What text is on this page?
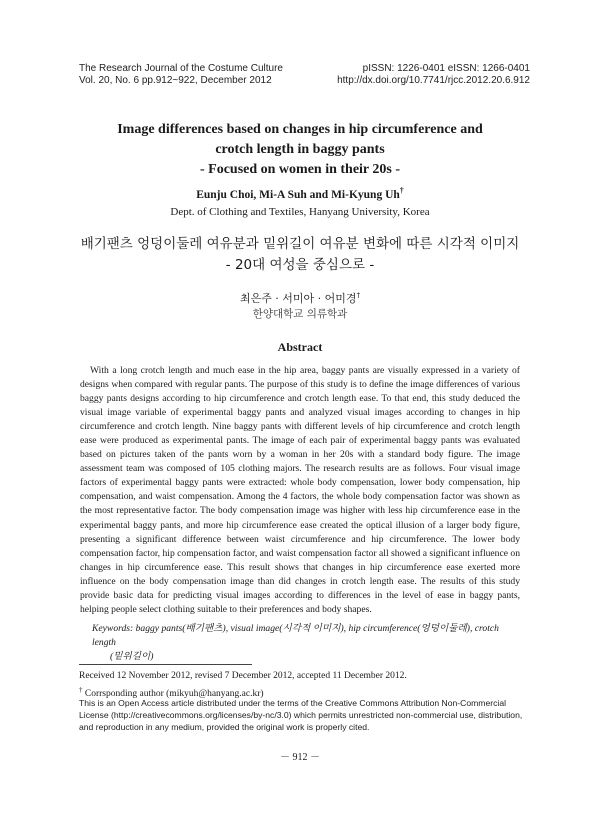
The Research Journal of the Costume Culture
Vol. 20, No. 6 pp.912~922, December 2012
pISSN: 1226-0401 eISSN: 1266-0401
http://dx.doi.org/10.7741/rjcc.2012.20.6.912
Image differences based on changes in hip circumference and
crotch length in baggy pants
- Focused on women in their 20s -
Eunju Choi, Mi-A Suh and Mi-Kyung Uh†
Dept. of Clothing and Textiles, Hanyang University, Korea
배기팬츠 엉덩이둘레 여유분과 밑위길이 여유분 변화에 따른 시각적 이미지
- 20대 여성을 중심으로 -
최은주 · 서미아 · 어미경†
한양대학교 의류학과
Abstract

With a long crotch length and much ease in the hip area, baggy pants are visually expressed in a variety of designs when compared with regular pants. The purpose of this study is to define the image differences of various baggy pants designs according to hip circumference and crotch length ease. To that end, this study deduced the visual image variable of experimental baggy pants and analyzed visual images according to changes in hip circumference and crotch length. Nine baggy pants with different levels of hip circumference and crotch length ease were produced as experimental pants. The image of each pair of experimental baggy pants was evaluated based on pictures taken of the pants worn by a woman in her 20s with a standard body figure. The image assessment team was composed of 105 clothing majors. The research results are as follows. Four visual image factors of experimental baggy pants were extracted: whole body compensation, lower body compensation, hip compensation, and waist compensation. Among the 4 factors, the whole body compensation factor was shown as the most representative factor. The body compensation image was higher with less hip circumference ease in the experimental baggy pants, and more hip circumference ease created the optical illusion of a larger body figure, presenting a significant difference between waist circumference and hip circumference. The lower body compensation factor, hip compensation factor, and waist compensation factor all showed a significant influence on changes in hip circumference ease. This result shows that changes in hip circumference ease exerted more influence on the body compensation image than did changes in crotch length ease. The results of this study provide basic data for predicting visual images according to differences in the level of ease in baggy pants, helping people select clothing suitable to their preferences and body shapes.

Keywords: baggy pants(배기팬츠), visual image(시각적 이미지), hip circumference(엉덩이둘레), crotch length
(밑위길이)
Received 12 November 2012, revised 7 December 2012, accepted 11 December 2012.
† Corrsponding author (mikyuh@hanyang.ac.kr)

This is an Open Access article distributed under the terms of the Creative Commons Attribution Non-Commercial License (http://creativecommons.org/licenses/by-nc/3.0) which permits unrestricted non-commercial use, distribution, and reproduction in any medium, provided the original work is properly cited.

－ 912 －
